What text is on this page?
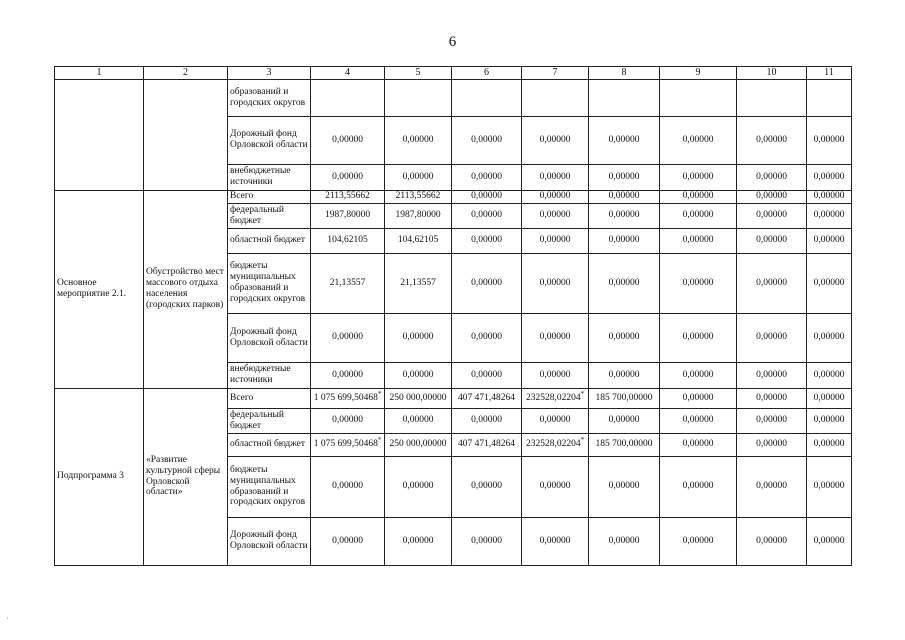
6
1	2	3	4	5	6	7	8	9	10	11
		образований и городских округов								
		Дорожный фонд Орловской области	0,00000	0,00000	0,00000	0,00000	0,00000	0,00000	0,00000	0,00000
		внебюджетные источники	0,00000	0,00000	0,00000	0,00000	0,00000	0,00000	0,00000	0,00000
Основное мероприятие 2.1.	Обустройство мест массового отдыха населения (городских парков)	Всего	2113,55662	2113,55662	0,00000	0,00000	0,00000	0,00000	0,00000	0,00000
		федеральный бюджет	1987,80000	1987,80000	0,00000	0,00000	0,00000	0,00000	0,00000	0,00000
		областной бюджет	104,62105	104,62105	0,00000	0,00000	0,00000	0,00000	0,00000	0,00000
		бюджеты муниципальных образований и городских округов	21,13557	21,13557	0,00000	0,00000	0,00000	0,00000	0,00000	0,00000
		Дорожный фонд Орловской области	0,00000	0,00000	0,00000	0,00000	0,00000	0,00000	0,00000	0,00000
		внебюджетные источники	0,00000	0,00000	0,00000	0,00000	0,00000	0,00000	0,00000	0,00000
Подпрограмма 3	«Развитие культурной сферы Орловской области»	Всего	1 075 699,50468*	250 000,00000	407 471,48264	232528,02204*	185 700,00000	0,00000	0,00000	0,00000
		федеральный бюджет	0,00000	0,00000	0,00000	0,00000	0,00000	0,00000	0,00000	0,00000
		областной бюджет	1 075 699,50468*	250 000,00000	407 471,48264	232528,02204*	185 700,00000	0,00000	0,00000	0,00000
		бюджеты муниципальных образований и городских округов	0,00000	0,00000	0,00000	0,00000	0,00000	0,00000	0,00000	0,00000
		Дорожный фонд Орловской области	0,00000	0,00000	0,00000	0,00000	0,00000	0,00000	0,00000	0,00000
·
